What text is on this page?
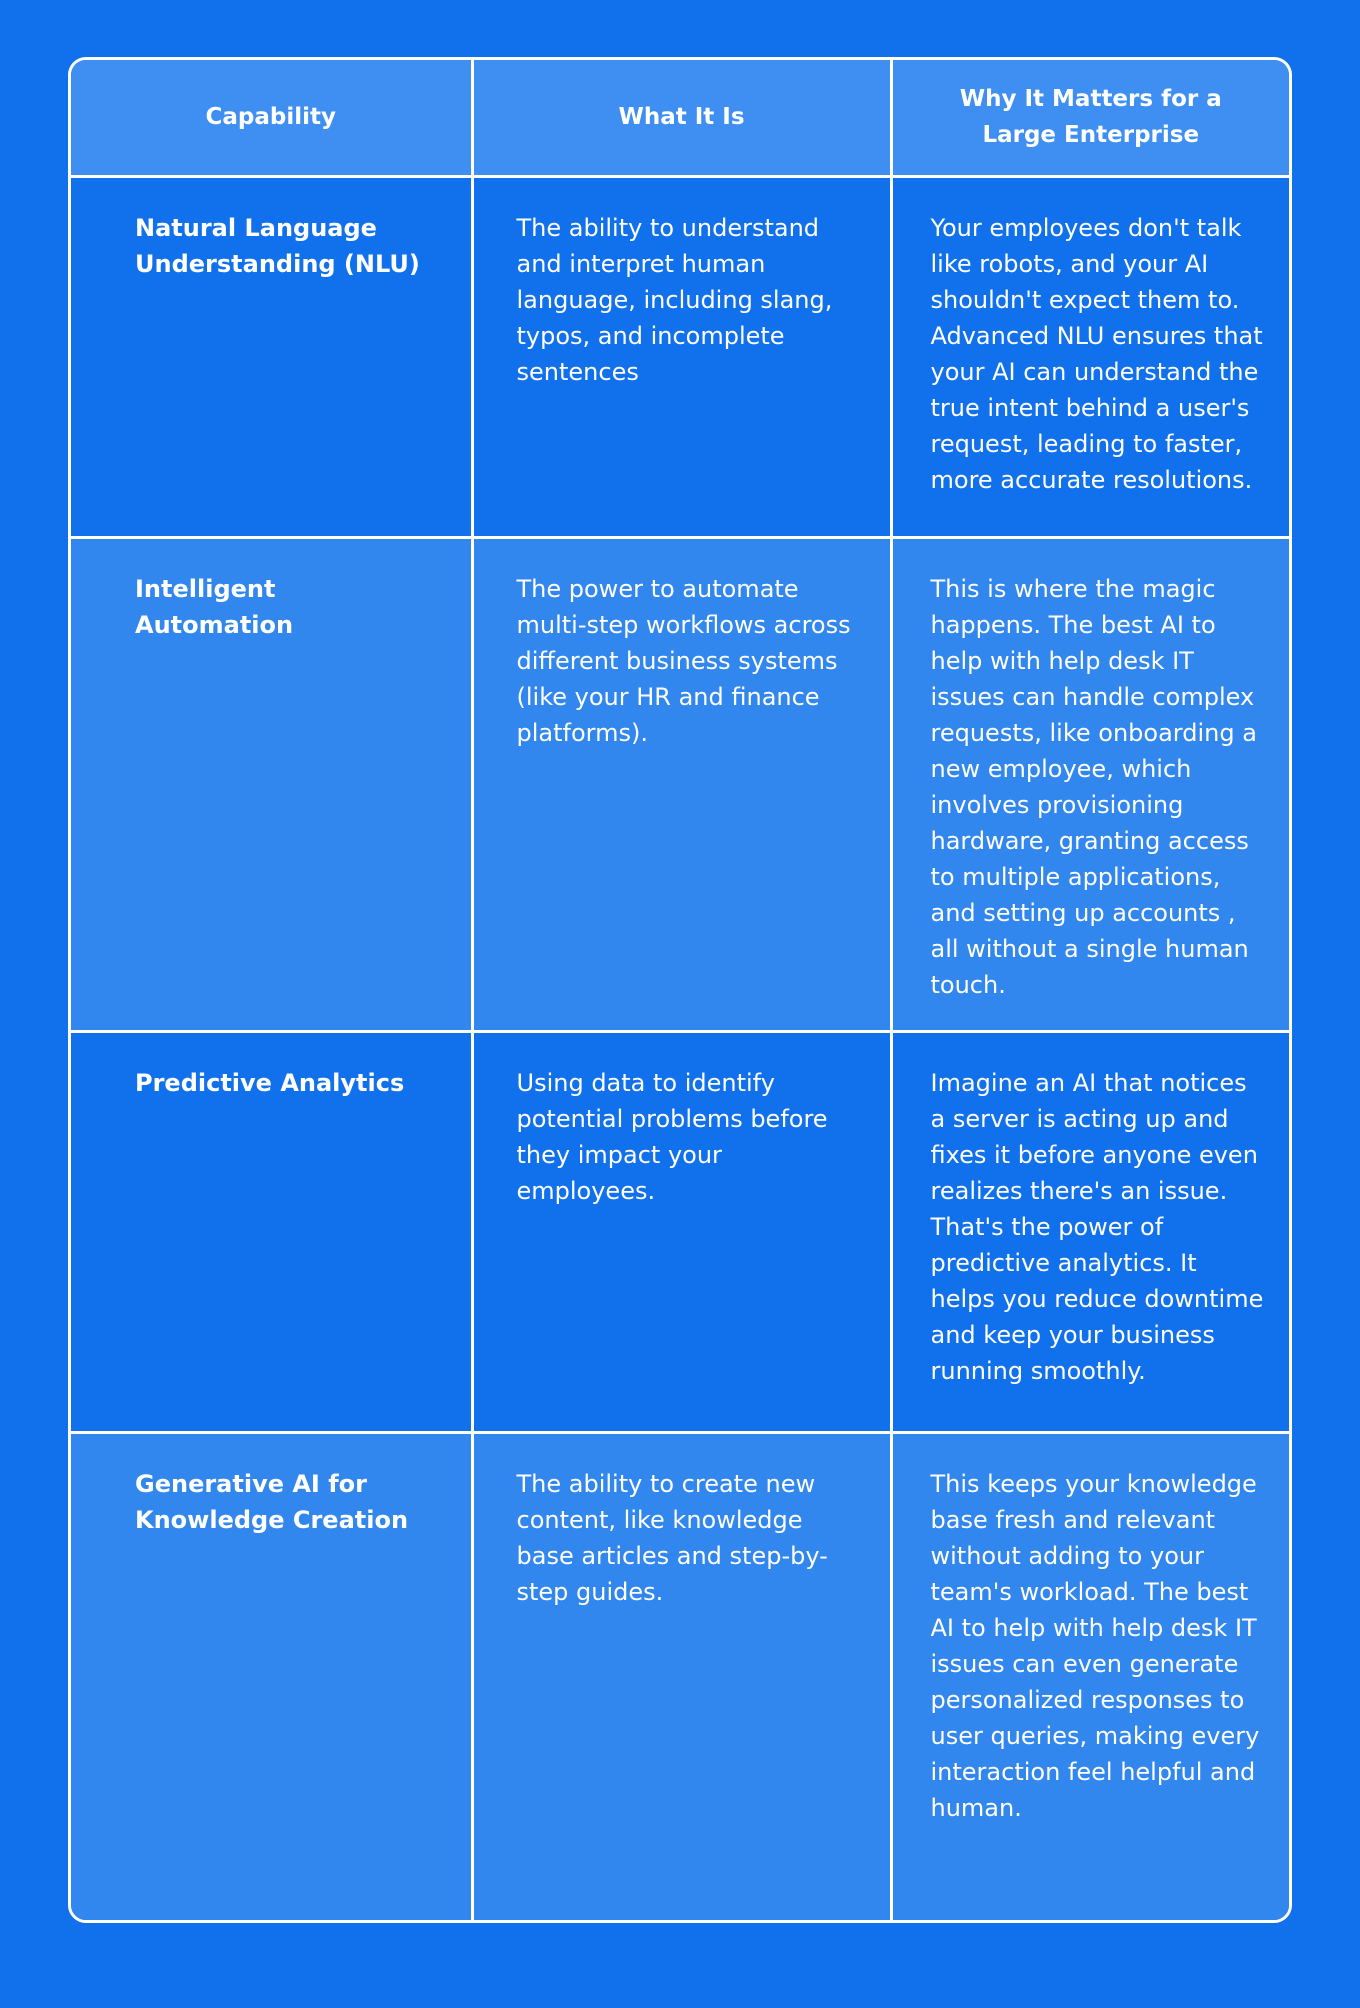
Capability	What It Is	Why It Matters for a Large Enterprise
Natural Language Understanding (NLU)	The ability to understand and interpret human language, including slang, typos, and incomplete sentences	Your employees don't talk like robots, and your AI shouldn't expect them to. Advanced NLU ensures that your AI can understand the true intent behind a user's request, leading to faster, more accurate resolutions.
Intelligent Automation	The power to automate multi-step workflows across different business systems (like your HR and finance platforms).	This is where the magic happens. The best AI to help with help desk IT issues can handle complex requests, like onboarding a new employee, which involves provisioning hardware, granting access to multiple applications, and setting up accounts , all without a single human touch.
Predictive Analytics	Using data to identify potential problems before they impact your employees.	Imagine an AI that notices a server is acting up and fixes it before anyone even realizes there's an issue. That's the power of predictive analytics. It helps you reduce downtime and keep your business running smoothly.
Generative AI for Knowledge Creation	The ability to create new content, like knowledge base articles and step-by-step guides.	This keeps your knowledge base fresh and relevant without adding to your team's workload. The best AI to help with help desk IT issues can even generate personalized responses to user queries, making every interaction feel helpful and human.
